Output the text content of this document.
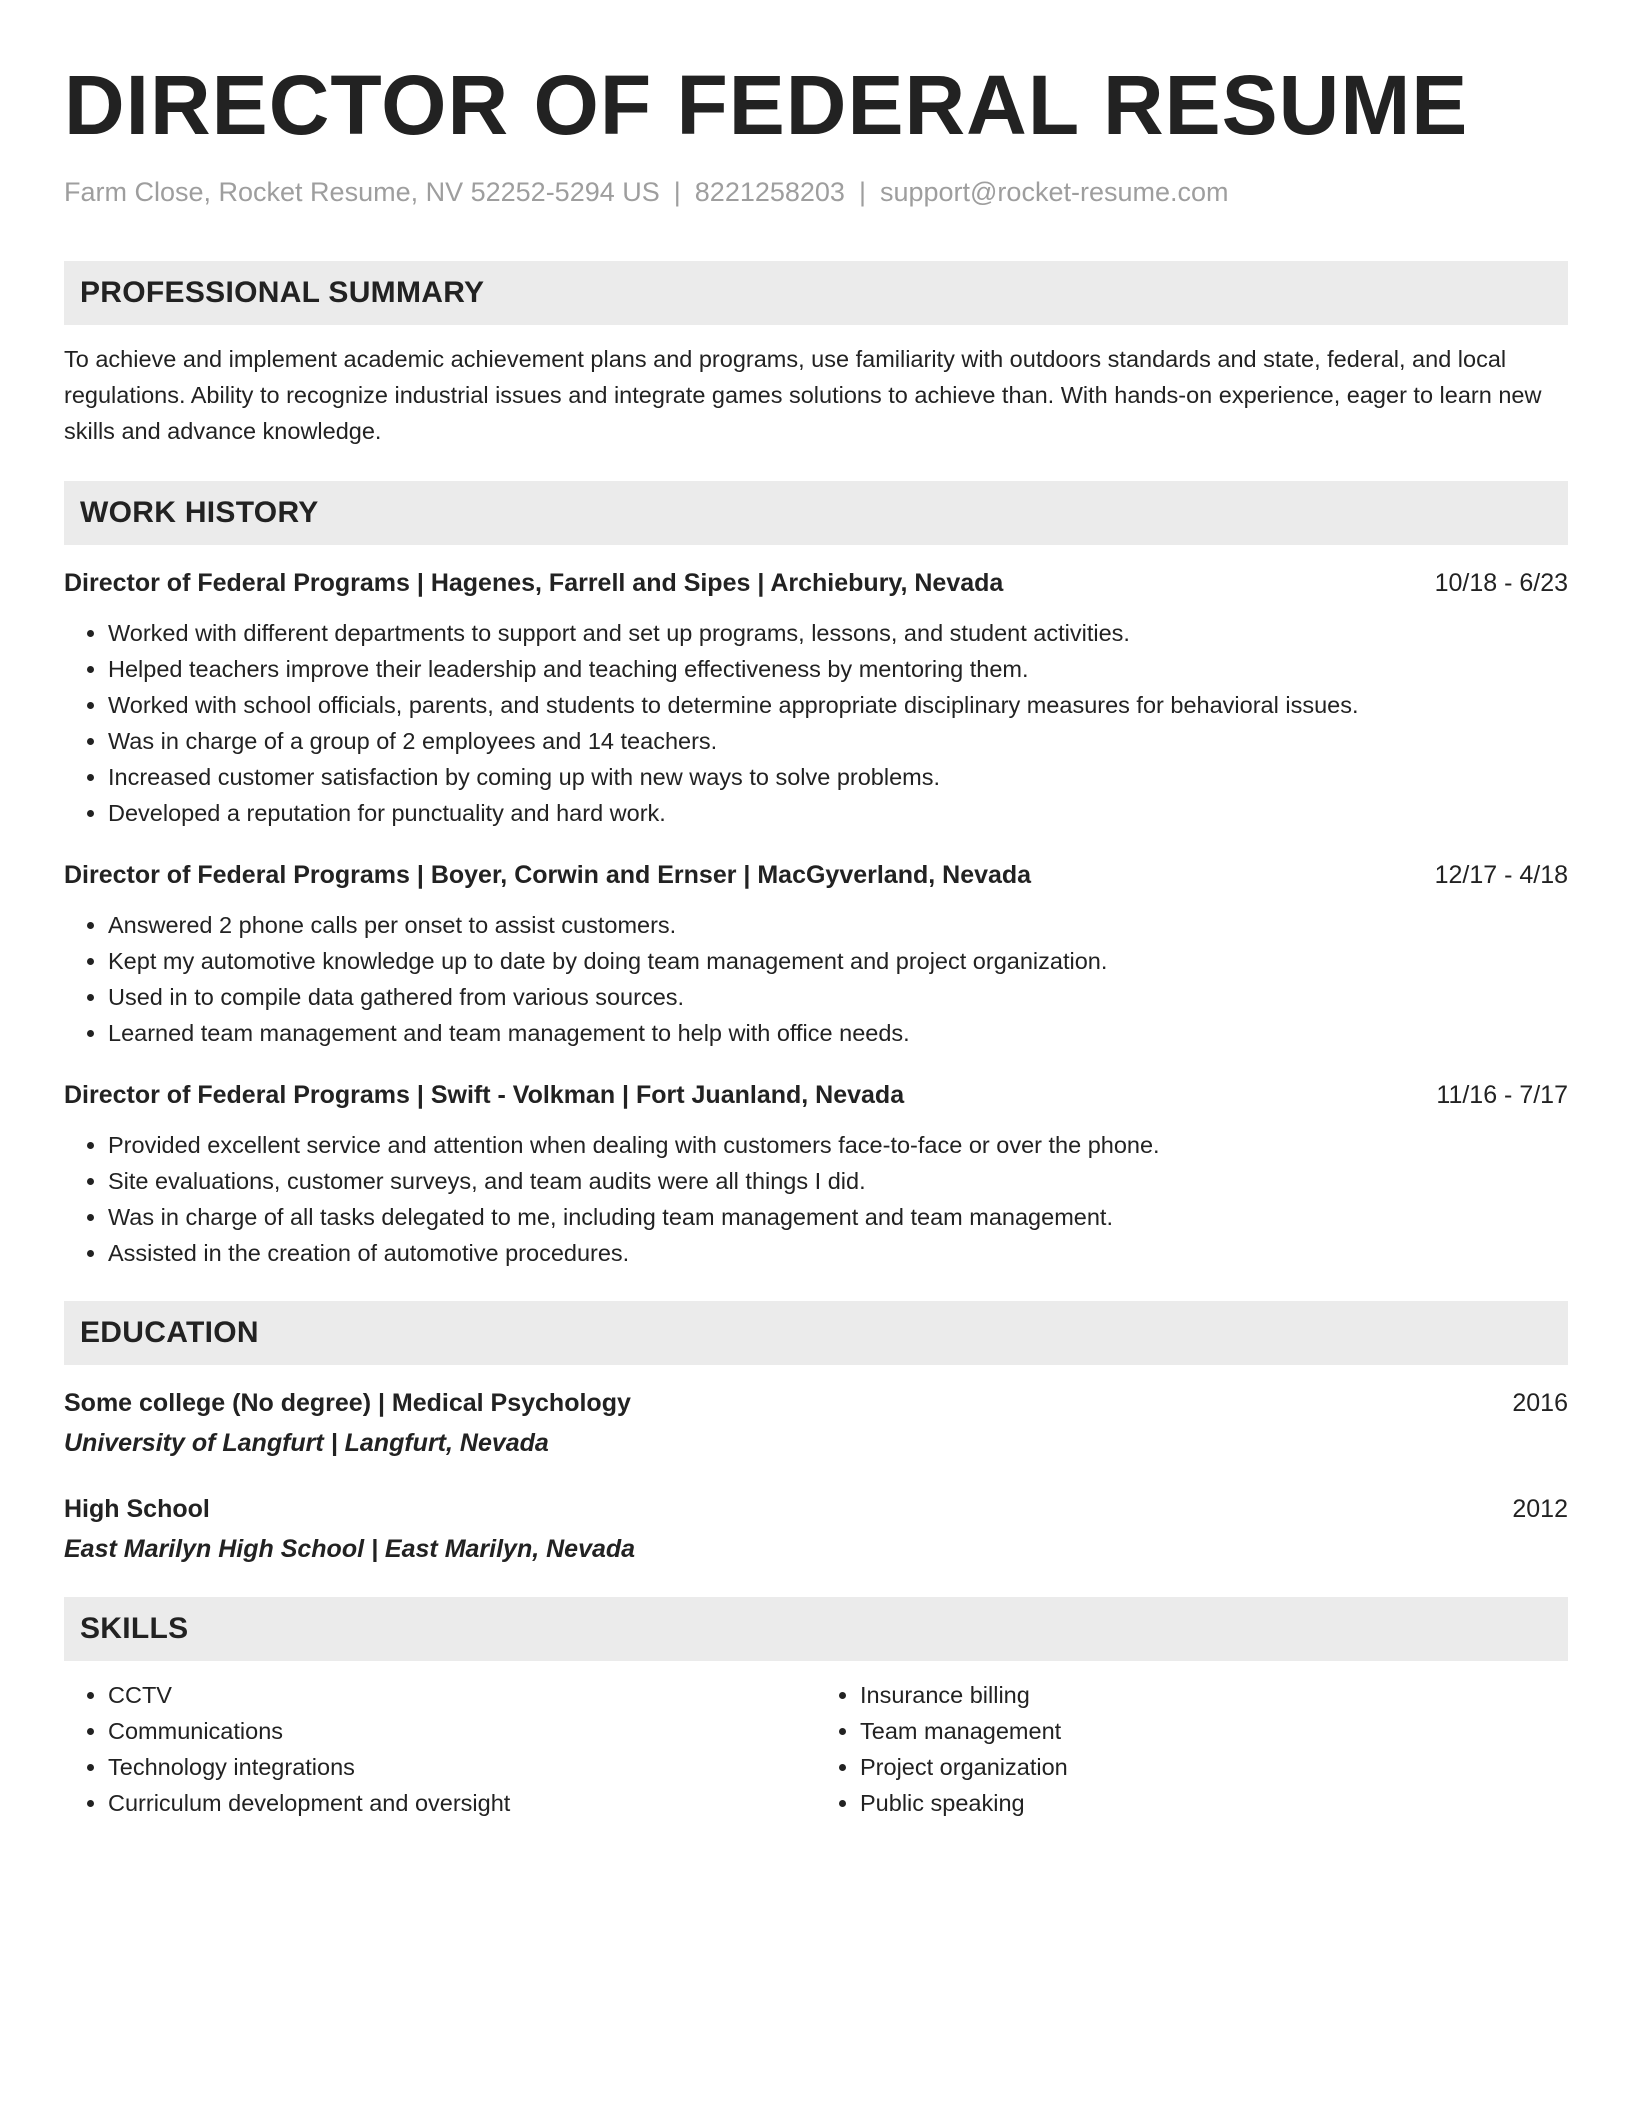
DIRECTOR OF FEDERAL RESUME
Farm Close, Rocket Resume, NV 52252-5294 US | 8221258203 | support@rocket-resume.com
PROFESSIONAL SUMMARY
To achieve and implement academic achievement plans and programs, use familiarity with outdoors standards and state, federal, and local regulations. Ability to recognize industrial issues and integrate games solutions to achieve than. With hands-on experience, eager to learn new skills and advance knowledge.
WORK HISTORY
Director of Federal Programs | Hagenes, Farrell and Sipes | Archiebury, Nevada	10/18 - 6/23
• Worked with different departments to support and set up programs, lessons, and student activities.
• Helped teachers improve their leadership and teaching effectiveness by mentoring them.
• Worked with school officials, parents, and students to determine appropriate disciplinary measures for behavioral issues.
• Was in charge of a group of 2 employees and 14 teachers.
• Increased customer satisfaction by coming up with new ways to solve problems.
• Developed a reputation for punctuality and hard work.
Director of Federal Programs | Boyer, Corwin and Ernser | MacGyverland, Nevada	12/17 - 4/18
• Answered 2 phone calls per onset to assist customers.
• Kept my automotive knowledge up to date by doing team management and project organization.
• Used in to compile data gathered from various sources.
• Learned team management and team management to help with office needs.
Director of Federal Programs | Swift - Volkman | Fort Juanland, Nevada	11/16 - 7/17
• Provided excellent service and attention when dealing with customers face-to-face or over the phone.
• Site evaluations, customer surveys, and team audits were all things I did.
• Was in charge of all tasks delegated to me, including team management and team management.
• Assisted in the creation of automotive procedures.
EDUCATION
Some college (No degree) | Medical Psychology	2016
University of Langfurt | Langfurt, Nevada
High School	2012
East Marilyn High School | East Marilyn, Nevada
SKILLS
• CCTV
• Communications
• Technology integrations
• Curriculum development and oversight
• Insurance billing
• Team management
• Project organization
• Public speaking
